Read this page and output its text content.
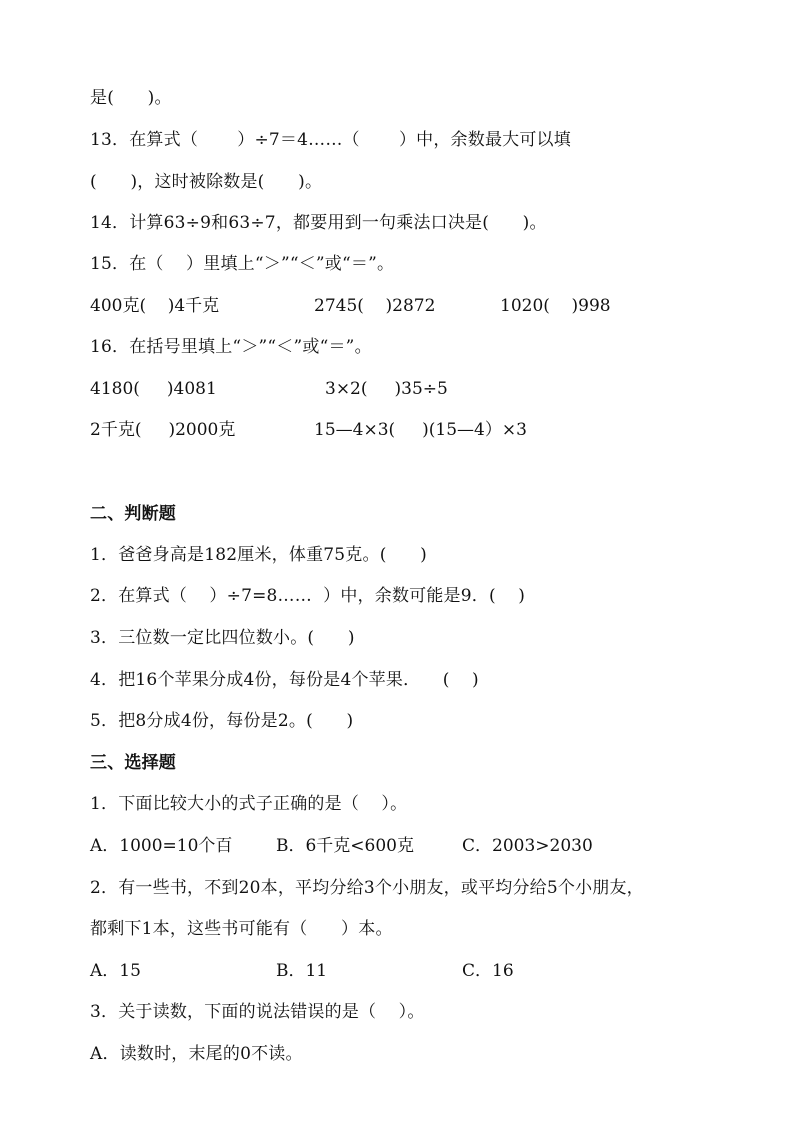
是(      )。
13．在算式（       ）÷7＝4……（       ）中，余数最大可以填
(      )，这时被除数是(      )。
14．计算63÷9和63÷7，都要用到一句乘法口决是(      )。
15．在（    ）里填上“＞”“＜”或“＝”。
400克(    )4千克	2745(    )2872	1020(    )998
16．在括号里填上“＞”“＜”或“＝”。
4180(     )4081	3×2(     )35÷5
2千克(     )2000克	15—4×3(     )(15—4）×3
二、判断题
1．爸爸身高是182厘米，体重75克。(      )
2．在算式（    ）÷7=8……  ）中，余数可能是9．(    )
3．三位数一定比四位数小。(      )
4．把16个苹果分成4份，每份是4个苹果．    (    )
5．把8分成4份，每份是2。(      )
三、选择题
1．下面比较大小的式子正确的是（    ）。
A．1000=10个百	B．6千克<600克	C．2003>2030
2．有一些书，不到20本，平均分给3个小朋友，或平均分给5个小朋友，
都剩下1本，这些书可能有（      ）本。
A．15	B．11	C．16
3．关于读数，下面的说法错误的是（    ）。
A．读数时，末尾的0不读。
